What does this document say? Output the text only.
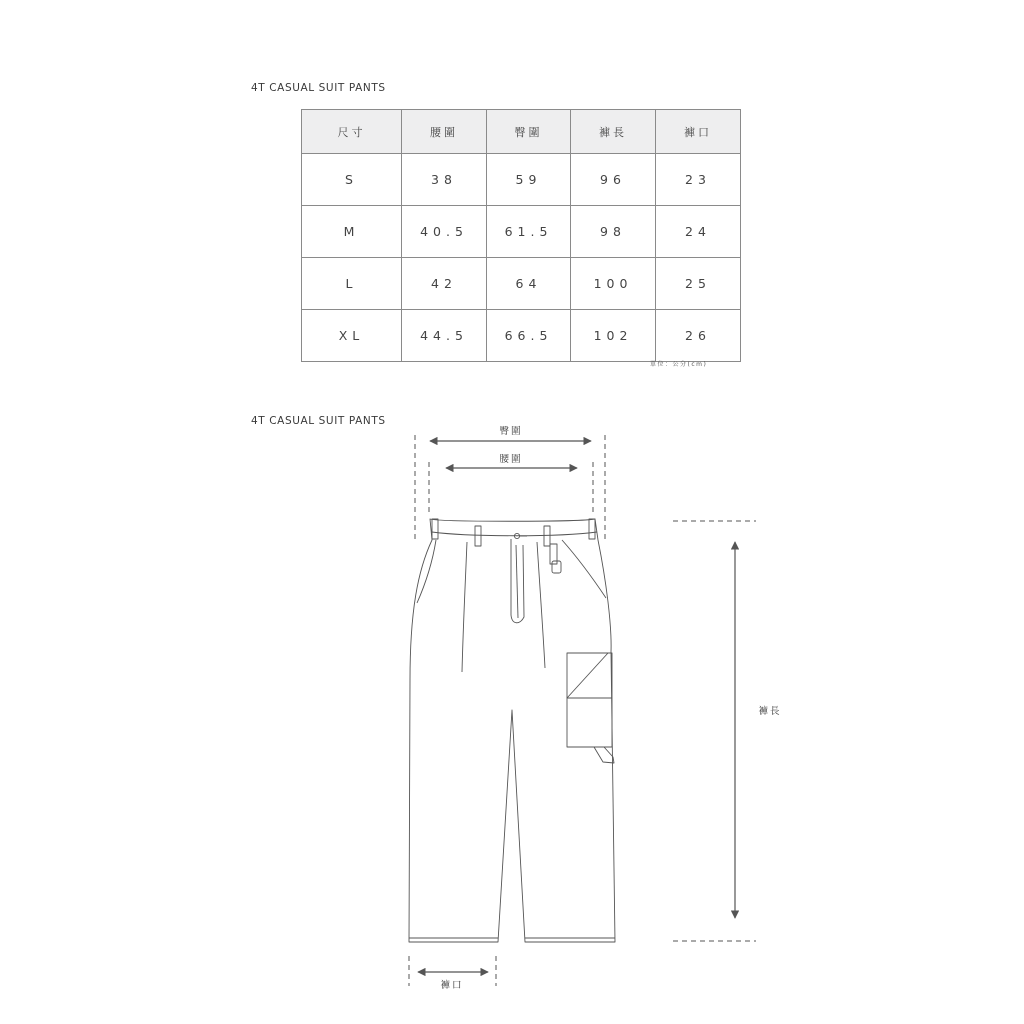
4T CASUAL SUIT PANTS
尺寸	腰圍	臀圍	褲長	褲口
S	38	59	96	23
M	40.5	61.5	98	24
L	42	64	100	25
XL	44.5	66.5	102	26
單位：公分(cm)
4T CASUAL SUIT PANTS
臀圍
腰圍
褲長
褲口
